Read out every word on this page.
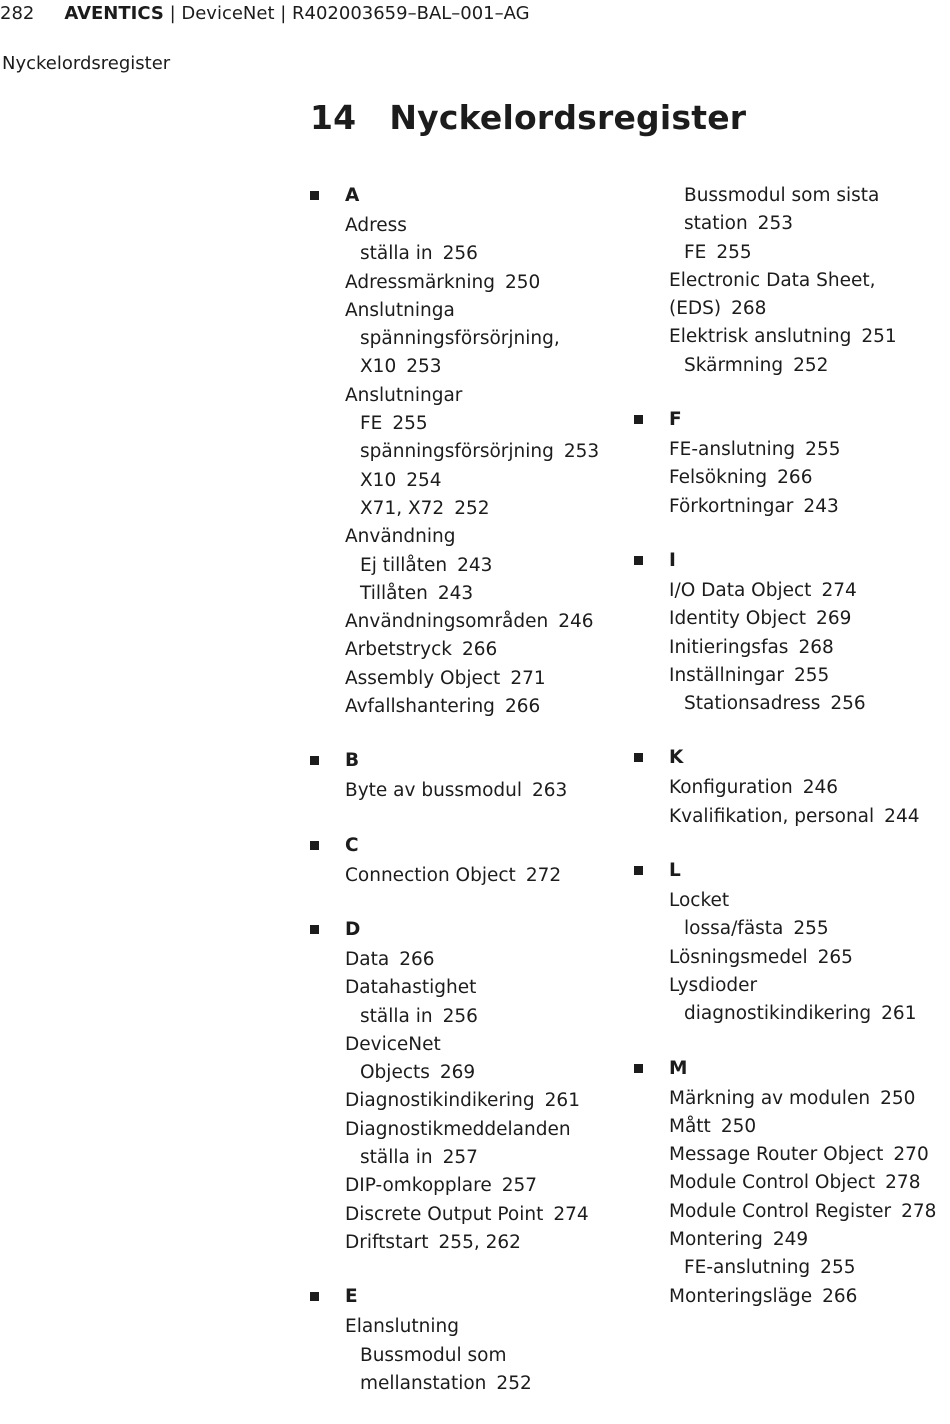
282 AVENTICS | DeviceNet | R402003659–BAL–001–AG
Nyckelordsregister
14 Nyckelordsregister
A
Adress
ställa in 256
Adressmärkning 250
Anslutninga
spänningsförsörjning,
X10 253
Anslutningar
FE 255
spänningsförsörjning 253
X10 254
X71, X72 252
Användning
Ej tillåten 243
Tillåten 243
Användningsområden 246
Arbetstryck 266
Assembly Object 271
Avfallshantering 266
B
Byte av bussmodul 263
C
Connection Object 272
D
Data 266
Datahastighet
ställa in 256
DeviceNet
Objects 269
Diagnostikindikering 261
Diagnostikmeddelanden
ställa in 257
DIP-omkopplare 257
Discrete Output Point 274
Driftstart 255, 262
E
Elanslutning
Bussmodul som
mellanstation 252
Bussmodul som sista
station 253
FE 255
Electronic Data Sheet,
(EDS) 268
Elektrisk anslutning 251
Skärmning 252
F
FE-anslutning 255
Felsökning 266
Förkortningar 243
I
I/O Data Object 274
Identity Object 269
Initieringsfas 268
Inställningar 255
Stationsadress 256
K
Konfiguration 246
Kvalifikation, personal 244
L
Locket
lossa/fästa 255
Lösningsmedel 265
Lysdioder
diagnostikindikering 261
M
Märkning av modulen 250
Mått 250
Message Router Object 270
Module Control Object 278
Module Control Register 278
Montering 249
FE-anslutning 255
Monteringsläge 266
